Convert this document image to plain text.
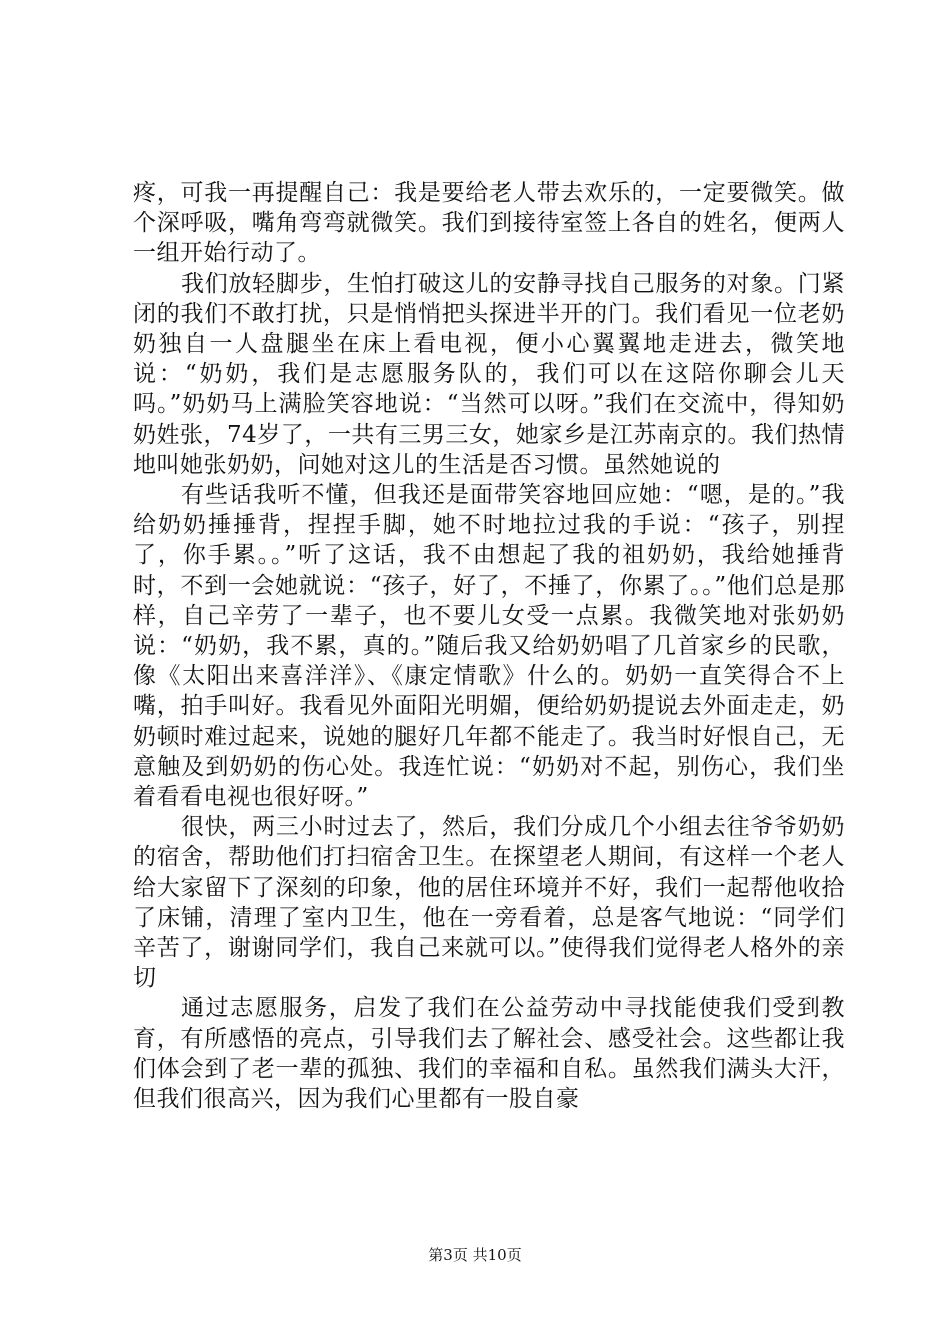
疼，可我一再提醒自己：我是要给老人带去欢乐的，一定要微笑。做个深呼吸，嘴角弯弯就微笑。我们到接待室签上各自的姓名，便两人一组开始行动了。

我们放轻脚步，生怕打破这儿的安静寻找自己服务的对象。门紧闭的我们不敢打扰，只是悄悄把头探进半开的门。我们看见一位老奶奶独自一人盘腿坐在床上看电视，便小心翼翼地走进去，微笑地说：“奶奶，我们是志愿服务队的，我们可以在这陪你聊会儿天吗。”奶奶马上满脸笑容地说：“当然可以呀。”我们在交流中，得知奶奶姓张，74岁了，一共有三男三女，她家乡是江苏南京的。我们热情地叫她张奶奶，问她对这儿的生活是否习惯。虽然她说的

有些话我听不懂，但我还是面带笑容地回应她：“嗯，是的。”我给奶奶捶捶背，捏捏手脚，她不时地拉过我的手说：“孩子，别捏了，你手累。。”听了这话，我不由想起了我的祖奶奶，我给她捶背时，不到一会她就说：“孩子，好了，不捶了，你累了。。”他们总是那样，自己辛劳了一辈子，也不要儿女受一点累。我微笑地对张奶奶说：“奶奶，我不累，真的。”随后我又给奶奶唱了几首家乡的民歌，像《太阳出来喜洋洋》、《康定情歌》什么的。奶奶一直笑得合不上嘴，拍手叫好。我看见外面阳光明媚，便给奶奶提说去外面走走，奶奶顿时难过起来，说她的腿好几年都不能走了。我当时好恨自己，无意触及到奶奶的伤心处。我连忙说：“奶奶对不起，别伤心，我们坐着看看电视也很好呀。”

很快，两三小时过去了，然后，我们分成几个小组去往爷爷奶奶的宿舍，帮助他们打扫宿舍卫生。在探望老人期间，有这样一个老人给大家留下了深刻的印象，他的居住环境并不好，我们一起帮他收拾了床铺，清理了室内卫生，他在一旁看着，总是客气地说：“同学们辛苦了，谢谢同学们，我自己来就可以。”使得我们觉得老人格外的亲切

通过志愿服务，启发了我们在公益劳动中寻找能使我们受到教育，有所感悟的亮点，引导我们去了解社会、感受社会。这些都让我们体会到了老一辈的孤独、我们的幸福和自私。虽然我们满头大汗，但我们很高兴，因为我们心里都有一股自豪

第3页 共10页
